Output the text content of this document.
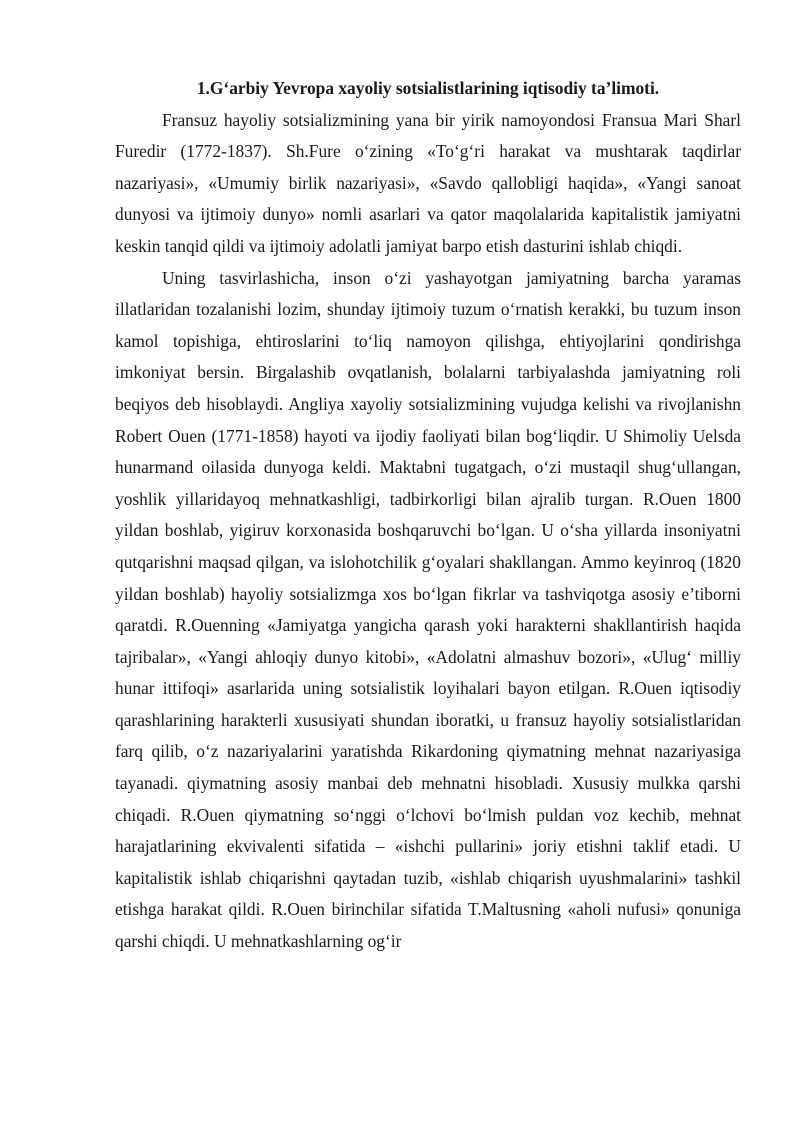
1.G‘arbiy Yevropa xayoliy sotsialistlarining iqtisodiy ta’limoti.

Fransuz hayoliy sotsializmining yana bir yirik namoyondosi Fransua Mari Sharl Furedir (1772-1837). Sh.Fure o‘zining «To‘g‘ri harakat va mushtarak taqdirlar nazariyasi», «Umumiy birlik nazariyasi», «Savdo qallobligi haqida», «Yangi sanoat dunyosi va ijtimoiy dunyo» nomli asarlari va qator maqolalarida kapitalistik jamiyatni keskin tanqid qildi va ijtimoiy adolatli jamiyat barpo etish dasturini ishlab chiqdi.

Uning tasvirlashicha, inson o‘zi yashayotgan jamiyatning barcha yaramas illatlaridan tozalanishi lozim, shunday ijtimoiy tuzum o‘rnatish kerakki, bu tuzum inson kamol topishiga, ehtiroslarini to‘liq namoyon qilishga, ehtiyojlarini qondirishga imkoniyat bersin. Birgalashib ovqatlanish, bolalarni tarbiyalashda jamiyatning roli beqiyos deb hisoblaydi. Angliya xayoliy sotsializmining vujudga kelishi va rivojlanishn Robert Ouen (1771-1858) hayoti va ijodiy faoliyati bilan bog‘liqdir. U Shimoliy Uelsda hunarmand oilasida dunyoga keldi. Maktabni tugatgach, o‘zi mustaqil shug‘ullangan, yoshlik yillaridayoq mehnatkashligi, tadbirkorligi bilan ajralib turgan. R.Ouen 1800 yildan boshlab, yigiruv korxonasida boshqaruvchi bo‘lgan. U o‘sha yillarda insoniyatni qutqarishni maqsad qilgan, va islohotchilik g‘oyalari shakllangan. Ammo keyinroq (1820 yildan boshlab) hayoliy sotsializmga xos bo‘lgan fikrlar va tashviqotga asosiy e’tiborni qaratdi. R.Ouenning «Jamiyatga yangicha qarash yoki harakterni shakllantirish haqida tajribalar», «Yangi ahloqiy dunyo kitobi», «Adolatni almashuv bozori», «Ulug‘ milliy hunar ittifoqi» asarlarida uning sotsialistik loyihalari bayon etilgan. R.Ouen iqtisodiy qarashlarining harakterli xususiyati shundan iboratki, u fransuz hayoliy sotsialistlaridan farq qilib, o‘z nazariyalarini yaratishda Rikardoning qiymatning mehnat nazariyasiga tayanadi. qiymatning asosiy manbai deb mehnatni hisobladi. Xususiy mulkka qarshi chiqadi. R.Ouen qiymatning so‘nggi o‘lchovi bo‘lmish puldan voz kechib, mehnat harajatlarining ekvivalenti sifatida – «ishchi pullarini» joriy etishni taklif etadi. U kapitalistik ishlab chiqarishni qaytadan tuzib, «ishlab chiqarish uyushmalarini» tashkil etishga harakat qildi. R.Ouen birinchilar sifatida T.Maltusning «aholi nufusi» qonuniga qarshi chiqdi. U mehnatkashlarning og‘ir
